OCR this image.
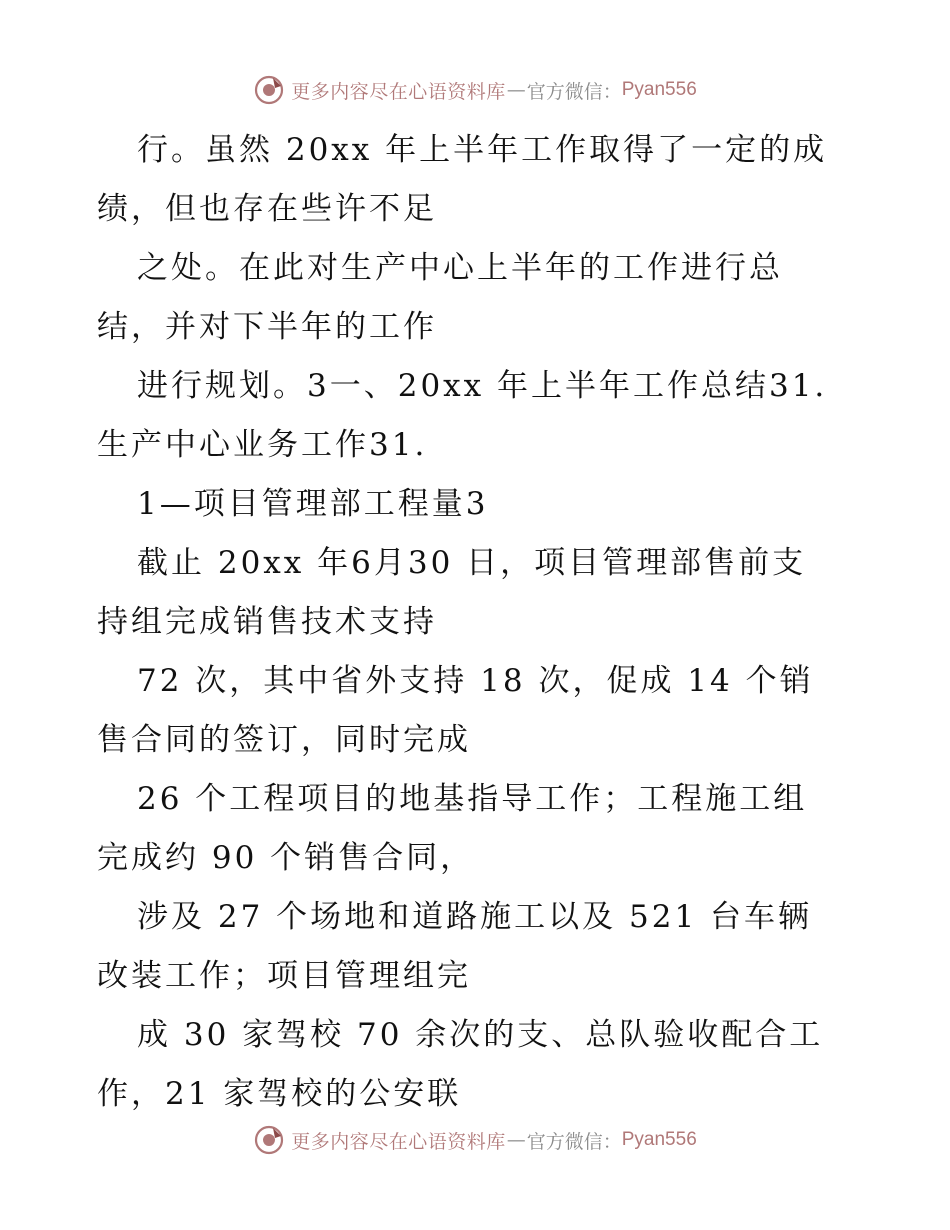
更多内容尽在心语资料库 — 官方微信： Pyan556

行。虽然 20xx 年上半年工作取得了一定的成绩，但也存在些许不足

之处。在此对生产中心上半年的工作进行总结，并对下半年的工作

进行规划。3一、20xx 年上半年工作总结31.生产中心业务工作31.

1—项目管理部工程量3

截止 20xx 年6月30 日，项目管理部售前支持组完成销售技术支持

72 次，其中省外支持 18 次，促成 14 个销售合同的签订，同时完成

26 个工程项目的地基指导工作；工程施工组完成约 90 个销售合同，

涉及 27 个场地和道路施工以及 521 台车辆改装工作；项目管理组完

成 30 家驾校 70 余次的支、总队验收配合工作，21 家驾校的公安联

更多内容尽在心语资料库 — 官方微信： Pyan556
